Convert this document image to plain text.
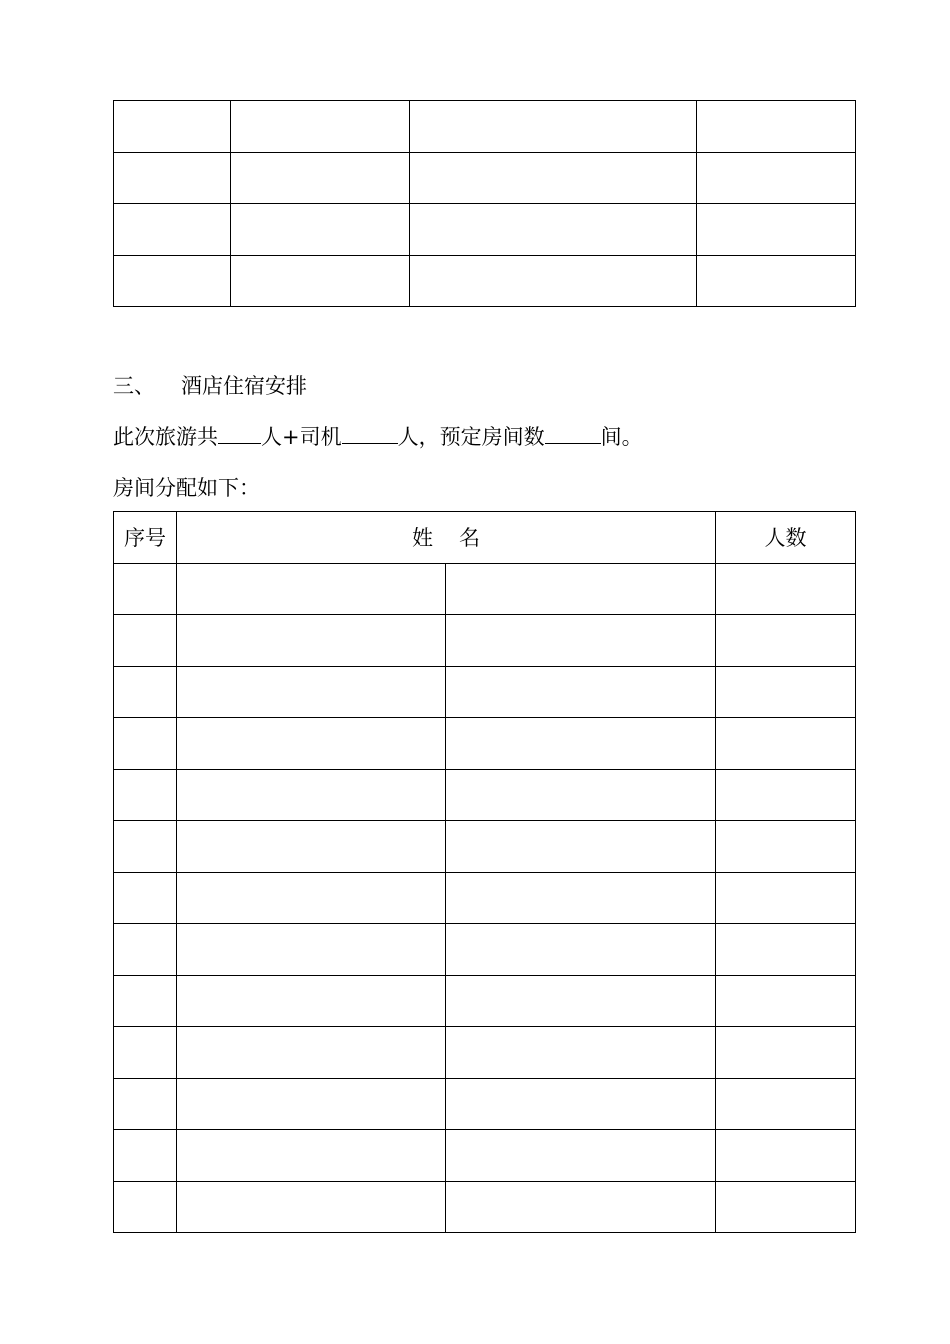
三、 酒店住宿安排
此次旅游共 人+司机	人，预定房间数	间。
房间分配如下：
序号	姓 名		人数
